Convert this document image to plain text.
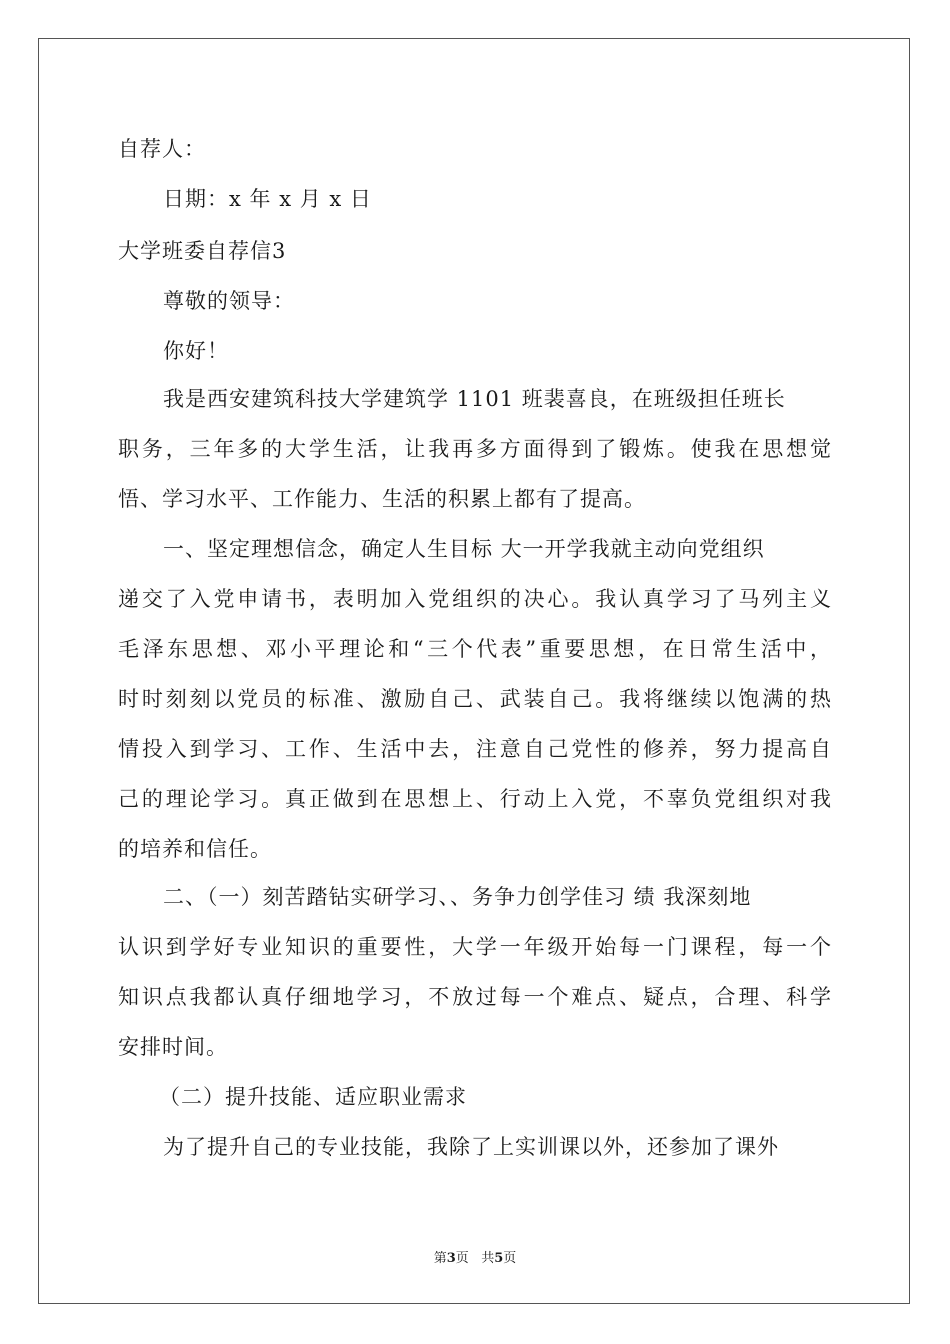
自荐人：
日期：x 年 x 月 x 日
大学班委自荐信3
尊敬的领导：
你好！
我是西安建筑科技大学建筑学 1101 班裴喜良，在班级担任班长
职务，三年多的大学生活，让我再多方面得到了锻炼。使我在思想觉
悟、学习水平、工作能力、生活的积累上都有了提高。
一、坚定理想信念，确定人生目标 大一开学我就主动向党组织
递交了入党申请书，表明加入党组织的决心。我认真学习了马列主义
毛泽东思想、邓小平理论和“三个代表”重要思想，在日常生活中，
时时刻刻以党员的标准、激励自己、武装自己。我将继续以饱满的热
情投入到学习、工作、生活中去，注意自己党性的修养，努力提高自
己的理论学习。真正做到在思想上、行动上入党，不辜负党组织对我
的培养和信任。
二、（一）刻苦踏钻实研学习、、务争力创学佳习 绩 我深刻地
认识到学好专业知识的重要性，大学一年级开始每一门课程，每一个
知识点我都认真仔细地学习，不放过每一个难点、疑点，合理、科学
安排时间。
（二）提升技能、适应职业需求
为了提升自己的专业技能，我除了上实训课以外，还参加了课外
第3页   共5页
